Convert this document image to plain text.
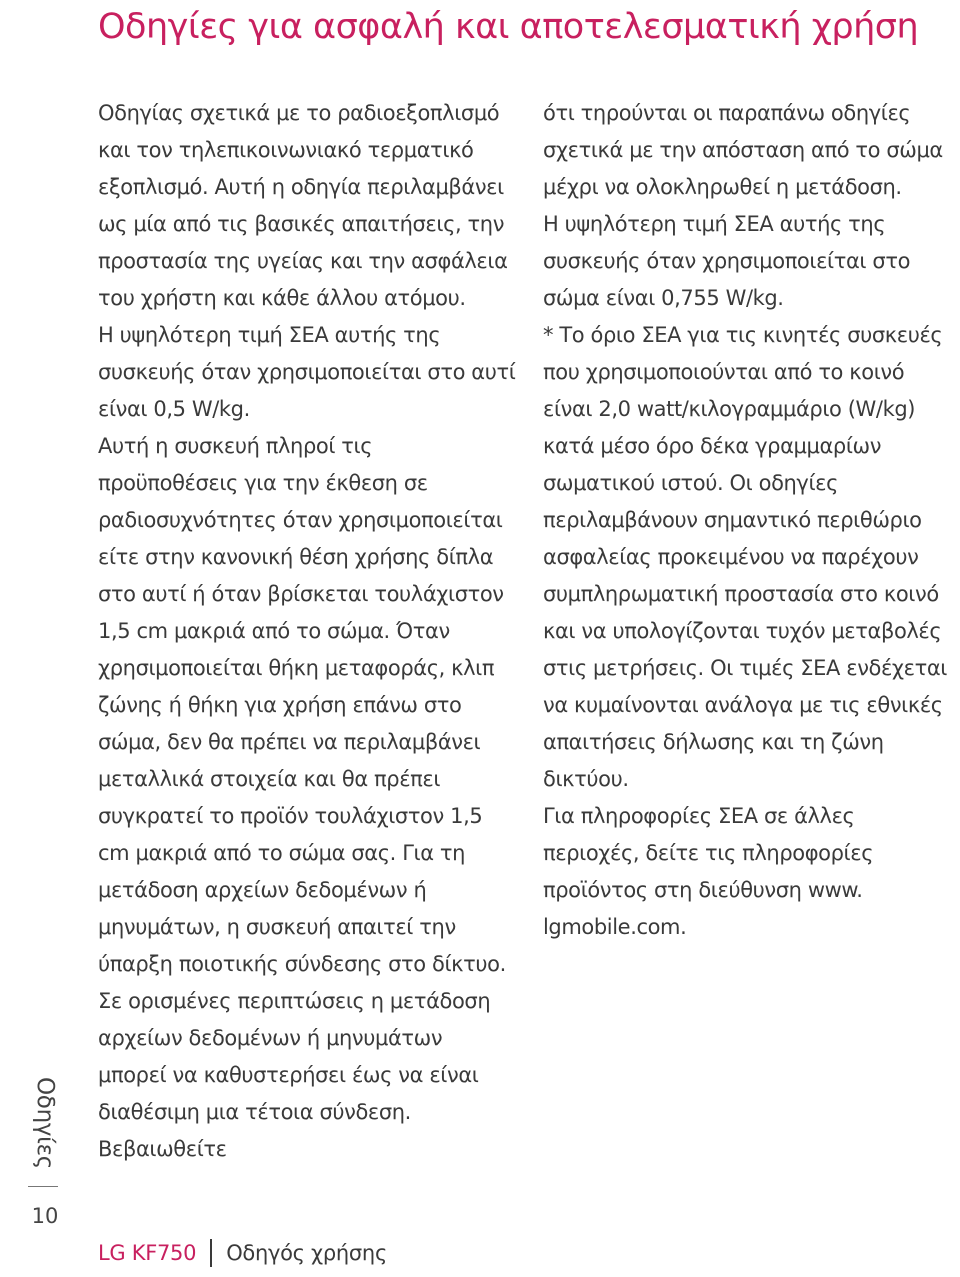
Οδηγίες για ασφαλή και αποτελεσματική χρήση

Οδηγίας σχετικά με το ραδιοεξοπλισμό και τον τηλεπικοινωνιακό τερματικό εξοπλισμό. Αυτή η οδηγία περιλαμβάνει ως μία από τις βασικές απαιτήσεις, την προστασία της υγείας και την ασφάλεια του χρήστη και κάθε άλλου ατόμου.

Η υψηλότερη τιμή ΣΕΑ αυτής της συσκευής όταν χρησιμοποιείται στο αυτί είναι 0,5 W/kg.

Αυτή η συσκευή πληροί τις προϋποθέσεις για την έκθεση σε ραδιοσυχνότητες όταν χρησιμοποιείται είτε στην κανονική θέση χρήσης δίπλα στο αυτί ή όταν βρίσκεται τουλάχιστον 1,5 cm μακριά από το σώμα. Όταν χρησιμοποιείται θήκη μεταφοράς, κλιπ ζώνης ή θήκη για χρήση επάνω στο σώμα, δεν θα πρέπει να περιλαμβάνει μεταλλικά στοιχεία και θα πρέπει συγκρατεί το προϊόν τουλάχιστον 1,5 cm μακριά από το σώμα σας. Για τη μετάδοση αρχείων δεδομένων ή μηνυμάτων, η συσκευή απαιτεί την ύπαρξη ποιοτικής σύνδεσης στο δίκτυο. Σε ορισμένες περιπτώσεις η μετάδοση αρχείων δεδομένων ή μηνυμάτων μπορεί να καθυστερήσει έως να είναι διαθέσιμη μια τέτοια σύνδεση. Βεβαιωθείτε

ότι τηρούνται οι παραπάνω οδηγίες σχετικά με την απόσταση από το σώμα μέχρι να ολοκληρωθεί η μετάδοση.

Η υψηλότερη τιμή ΣΕΑ αυτής της συσκευής όταν χρησιμοποιείται στο σώμα είναι 0,755 W/kg.

* Το όριο ΣΕΑ για τις κινητές συσκευές που χρησιμοποιούνται από το κοινό είναι 2,0 watt/κιλογραμμάριο (W/kg) κατά μέσο όρο δέκα γραμμαρίων σωματικού ιστού. Οι οδηγίες περιλαμβάνουν σημαντικό περιθώριο ασφαλείας προκειμένου να παρέχουν συμπληρωματική προστασία στο κοινό και να υπολογίζονται τυχόν μεταβολές στις μετρήσεις. Οι τιμές ΣΕΑ ενδέχεται να κυμαίνονται ανάλογα με τις εθνικές απαιτήσεις δήλωσης και τη ζώνη δικτύου.

Για πληροφορίες ΣΕΑ σε άλλες περιοχές, δείτε τις πληροφορίες προϊόντος στη διεύθυνση www. lgmobile.com.

Οδηγίες
10
LG KF750 Οδηγός χρήσης
